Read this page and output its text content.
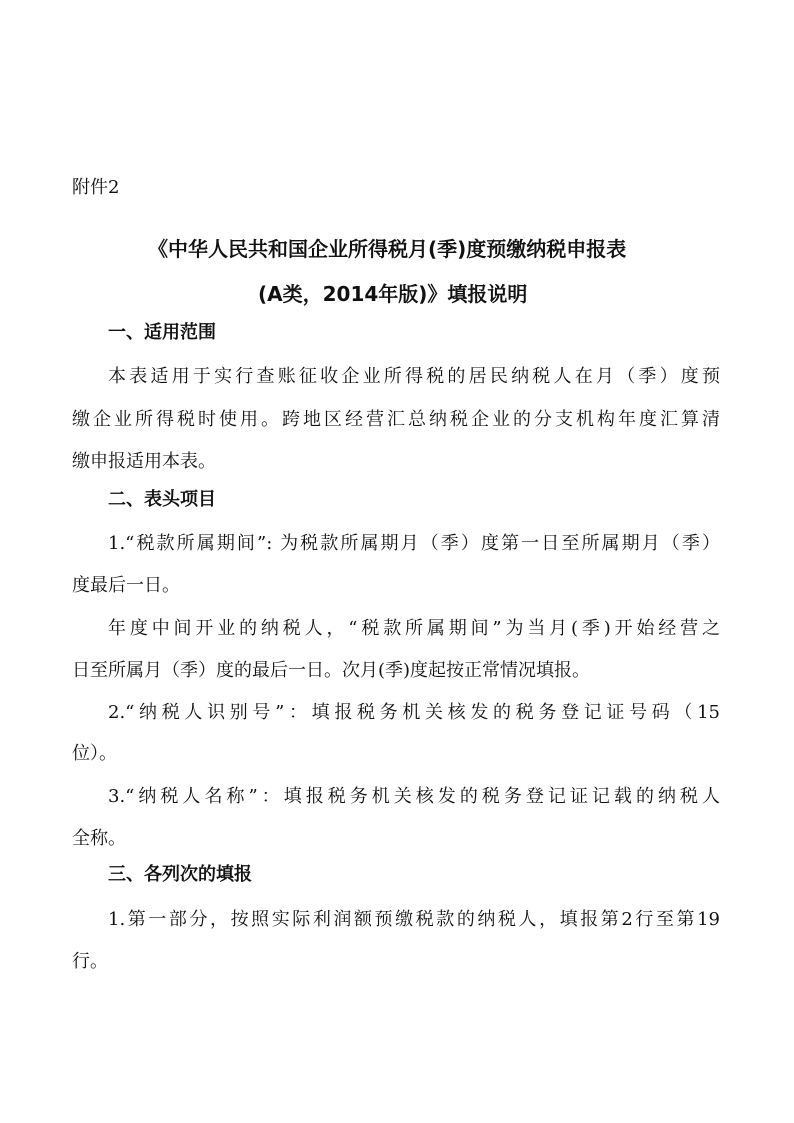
附件2
《中华人民共和国企业所得税月(季)度预缴纳税申报表
(A类，2014年版)》填报说明
一、适用范围
本表适用于实行查账征收企业所得税的居民纳税人在月（季）度预
缴企业所得税时使用。跨地区经营汇总纳税企业的分支机构年度汇算清
缴申报适用本表。
二、表头项目
1.“税款所属期间”: 为税款所属期月（季）度第一日至所属期月（季）
度最后一日。
年度中间开业的纳税人，“税款所属期间”为当月(季)开始经营之
日至所属月（季）度的最后一日。次月(季)度起按正常情况填报。
2.“纳税人识别号”：填报税务机关核发的税务登记证号码（15
位）。
3.“纳税人名称”：填报税务机关核发的税务登记证记载的纳税人
全称。
三、各列次的填报
1.第一部分，按照实际利润额预缴税款的纳税人，填报第2行至第19
行。
